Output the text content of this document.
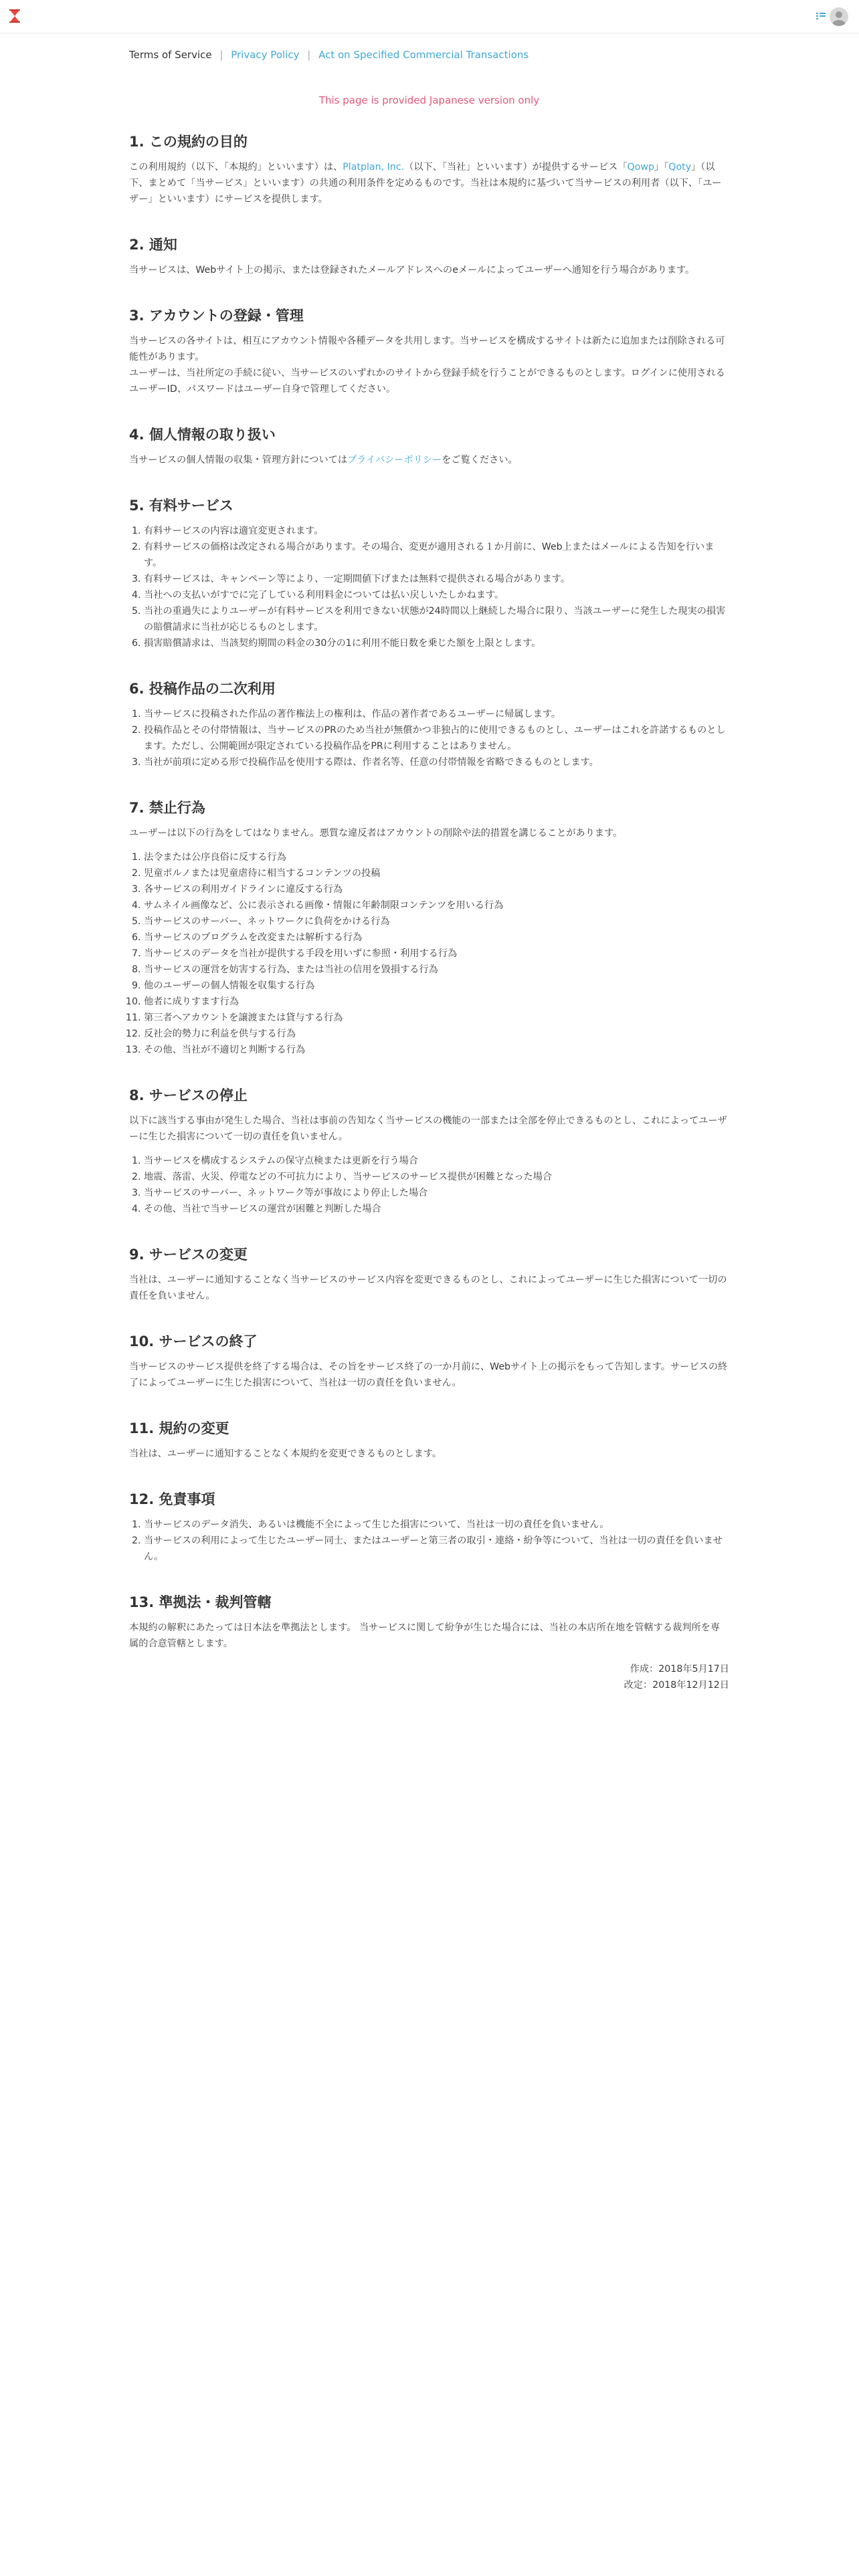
Terms of Service | Privacy Policy | Act on Specified Commercial Transactions
This page is provided Japanese version only
1. この規約の目的

この利用規約（以下、「本規約」といいます）は、Platplan, Inc.（以下、「当社」といいます）が提供するサービス「Qowp」「Qoty」（以下、まとめて「当サービス」といいます）の共通の利用条件を定めるものです。当社は本規約に基づいて当サービスの利用者（以下、「ユーザー」といいます）にサービスを提供します。

2. 通知

当サービスは、Webサイト上の掲示、または登録されたメールアドレスへのeメールによってユーザーへ通知を行う場合があります。

3. アカウントの登録・管理

当サービスの各サイトは、相互にアカウント情報や各種データを共用します。当サービスを構成するサイトは新たに追加または削除される可能性があります。

ユーザーは、当社所定の手続に従い、当サービスのいずれかのサイトから登録手続を行うことができるものとします。ログインに使用されるユーザーID、パスワードはユーザー自身で管理してください。

4. 個人情報の取り扱い

当サービスの個人情報の収集・管理方針についてはプライバシーポリシーをご覧ください。

5. 有料サービス
1. 有料サービスの内容は適宜変更されます。
2. 有料サービスの価格は改定される場合があります。その場合、変更が適用される１か月前に、Web上またはメールによる告知を行います。
3. 有料サービスは、キャンペーン等により、一定期間値下げまたは無料で提供される場合があります。
4. 当社への支払いがすでに完了している利用料金については払い戻しいたしかねます。
5. 当社の重過失によりユーザーが有料サービスを利用できない状態が24時間以上継続した場合に限り、当該ユーザーに発生した現実の損害の賠償請求に当社が応じるものとします。
6. 損害賠償請求は、当該契約期間の料金の30分の1に利用不能日数を乗じた額を上限とします。
6. 投稿作品の二次利用
1. 当サービスに投稿された作品の著作権法上の権利は、作品の著作者であるユーザーに帰属します。
2. 投稿作品とその付帯情報は、当サービスのPRのため当社が無償かつ非独占的に使用できるものとし、ユーザーはこれを許諾するものとします。ただし、公開範囲が限定されている投稿作品をPRに利用することはありません。
3. 当社が前項に定める形で投稿作品を使用する際は、作者名等、任意の付帯情報を省略できるものとします。
7. 禁止行為

ユーザーは以下の行為をしてはなりません。悪質な違反者はアカウントの削除や法的措置を講じることがあります。

1. 法令または公序良俗に反する行為
2. 児童ポルノまたは児童虐待に相当するコンテンツの投稿
3. 各サービスの利用ガイドラインに違反する行為
4. サムネイル画像など、公に表示される画像・情報に年齢制限コンテンツを用いる行為
5. 当サービスのサーバー、ネットワークに負荷をかける行為
6. 当サービスのプログラムを改変または解析する行為
7. 当サービスのデータを当社が提供する手段を用いずに参照・利用する行為
8. 当サービスの運営を妨害する行為、または当社の信用を毀損する行為
9. 他のユーザーの個人情報を収集する行為
10. 他者に成りすます行為
11. 第三者へアカウントを譲渡または貸与する行為
12. 反社会的勢力に利益を供与する行為
13. その他、当社が不適切と判断する行為
8. サービスの停止

以下に該当する事由が発生した場合、当社は事前の告知なく当サービスの機能の一部または全部を停止できるものとし、これによってユーザーに生じた損害について一切の責任を負いません。

1. 当サービスを構成するシステムの保守点検または更新を行う場合
2. 地震、落雷、火災、停電などの不可抗力により、当サービスのサービス提供が困難となった場合
3. 当サービスのサーバー、ネットワーク等が事故により停止した場合
4. その他、当社で当サービスの運営が困難と判断した場合
9. サービスの変更

当社は、ユーザーに通知することなく当サービスのサービス内容を変更できるものとし、これによってユーザーに生じた損害について一切の責任を負いません。

10. サービスの終了

当サービスのサービス提供を終了する場合は、その旨をサービス終了の一か月前に、Webサイト上の掲示をもって告知します。サービスの終了によってユーザーに生じた損害について、当社は一切の責任を負いません。

11. 規約の変更

当社は、ユーザーに通知することなく本規約を変更できるものとします。

12. 免責事項
1. 当サービスのデータ消失、あるいは機能不全によって生じた損害について、当社は一切の責任を負いません。
2. 当サービスの利用によって生じたユーザー同士、またはユーザーと第三者の取引・連絡・紛争等について、当社は一切の責任を負いません。
13. 準拠法・裁判管轄

本規約の解釈にあたっては日本法を準拠法とします。 当サービスに関して紛争が生じた場合には、当社の本店所在地を管轄する裁判所を専属的合意管轄とします。

作成：2018年5月17日
改定：2018年12月12日
